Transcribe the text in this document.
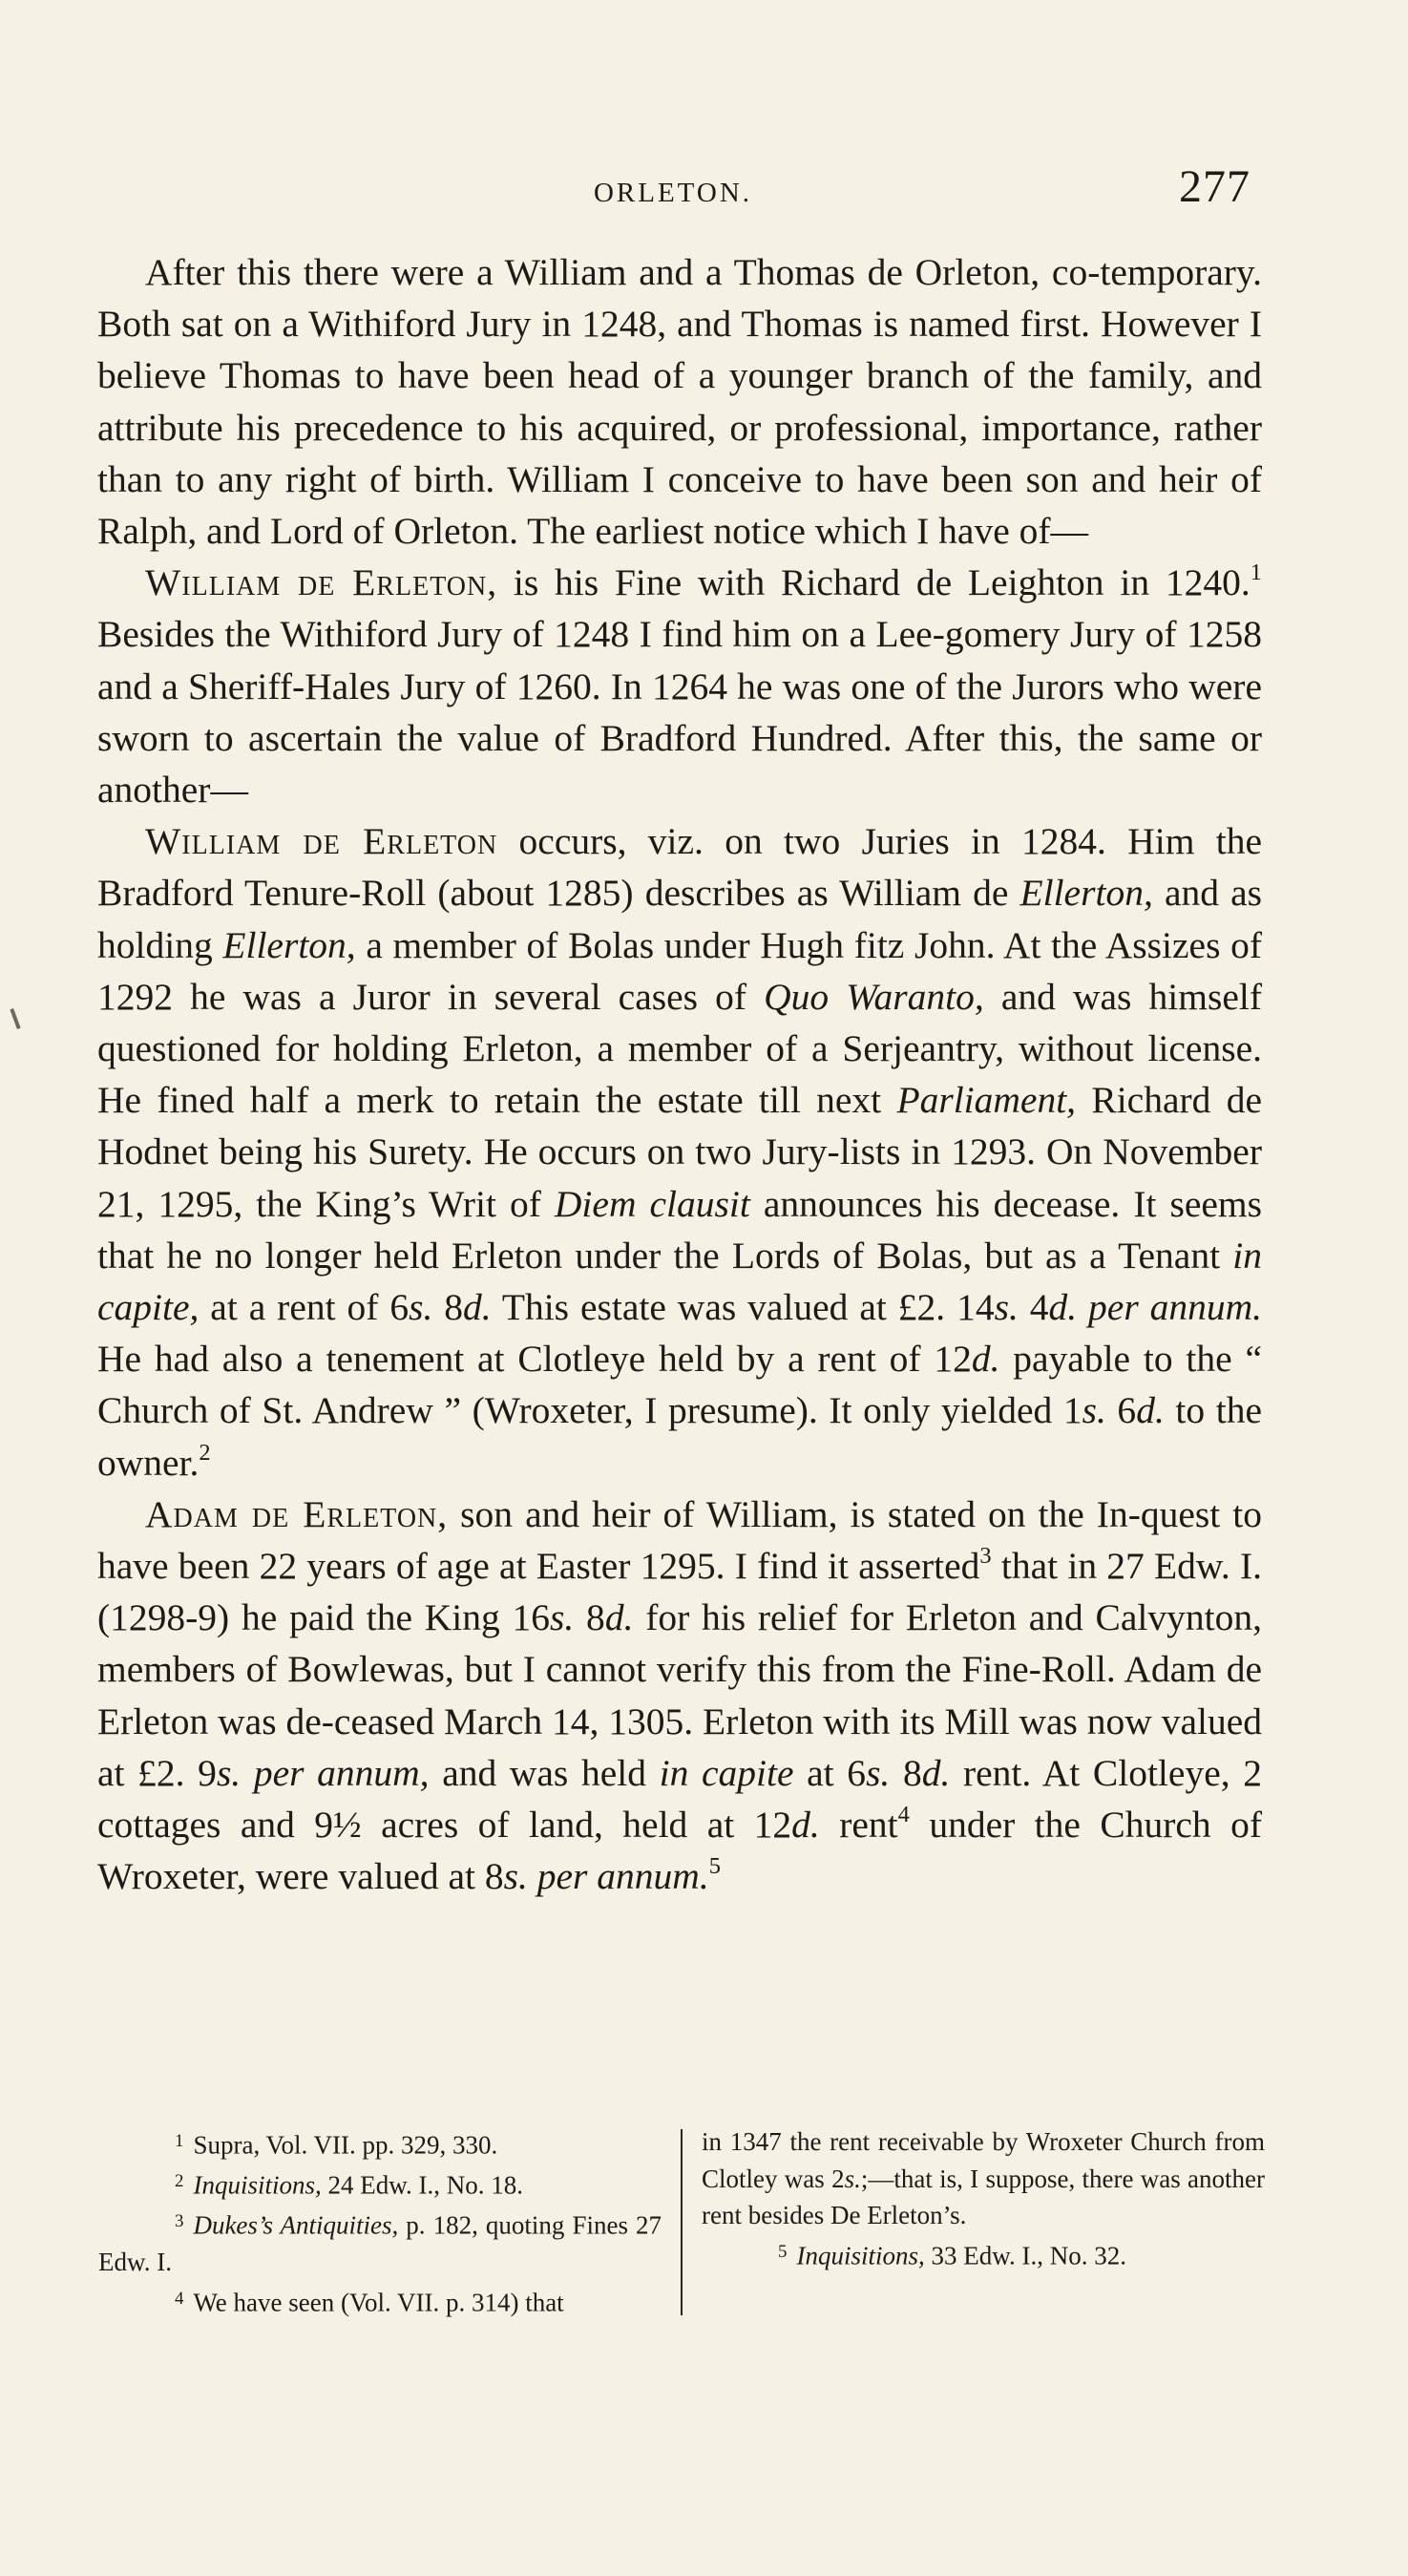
ORLETON.	277

After this there were a William and a Thomas de Orleton, co-temporary. Both sat on a Withiford Jury in 1248, and Thomas is named first. However I believe Thomas to have been head of a younger branch of the family, and attribute his precedence to his acquired, or professional, importance, rather than to any right of birth. William I conceive to have been son and heir of Ralph, and Lord of Orleton. The earliest notice which I have of—

William de Erleton, is his Fine with Richard de Leighton in 1240.$^1$ Besides the Withiford Jury of 1248 I find him on a Lee-gomery Jury of 1258 and a Sheriff-Hales Jury of 1260. In 1264 he was one of the Jurors who were sworn to ascertain the value of Bradford Hundred. After this, the same or another—

William de Erleton occurs, viz. on two Juries in 1284. Him the Bradford Tenure-Roll (about 1285) describes as William de Ellerton, and as holding Ellerton, a member of Bolas under Hugh fitz John. At the Assizes of 1292 he was a Juror in several cases of Quo Waranto, and was himself questioned for holding Erleton, a member of a Serjeantry, without license. He fined half a merk to retain the estate till next Parliament, Richard de Hodnet being his Surety. He occurs on two Jury-lists in 1293. On November 21, 1295, the King’s Writ of Diem clausit announces his decease. It seems that he no longer held Erleton under the Lords of Bolas, but as a Tenant in capite, at a rent of 6s. 8d. This estate was valued at £2. 14s. 4d. per annum. He had also a tenement at Clotleye held by a rent of 12d. payable to the “ Church of St. Andrew ” (Wroxeter, I presume). It only yielded 1s. 6d. to the owner.$^2$

Adam de Erleton, son and heir of William, is stated on the In-quest to have been 22 years of age at Easter 1295. I find it asserted$^3$ that in 27 Edw. I. (1298-9) he paid the King 16s. 8d. for his relief for Erleton and Calvynton, members of Bowlewas, but I cannot verify this from the Fine-Roll. Adam de Erleton was de-ceased March 14, 1305. Erleton with its Mill was now valued at £2. 9s. per annum, and was held in capite at 6s. 8d. rent. At Clotleye, 2 cottages and 9½ acres of land, held at 12d. rent$^4$ under the Church of Wroxeter, were valued at 8s. per annum.$^5$

1 Supra, Vol. VII. pp. 329, 330.

2 Inquisitions, 24 Edw. I., No. 18.

3 Dukes’s Antiquities, p. 182, quoting Fines 27 Edw. I.

4 We have seen (Vol. VII. p. 314) that

in 1347 the rent receivable by Wroxeter Church from Clotley was 2s.;—that is, I suppose, there was another rent besides De Erleton’s.

5 Inquisitions, 33 Edw. I., No. 32.
